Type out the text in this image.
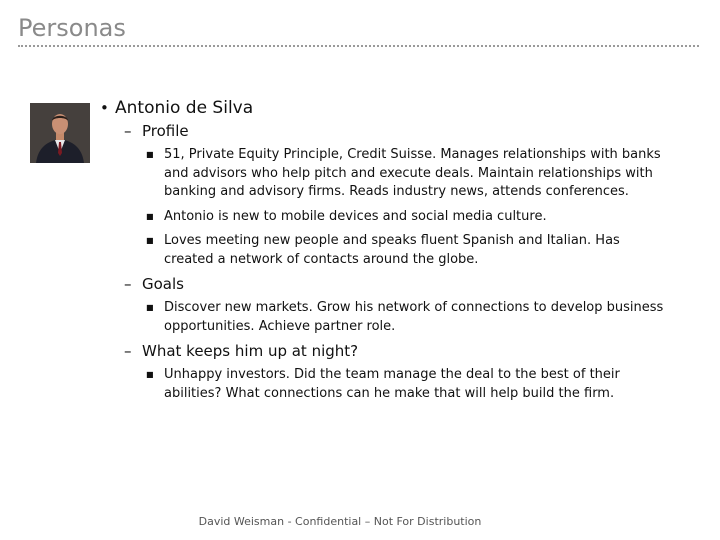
Personas
• Antonio de Silva
– Profile
■ 51, Private Equity Principle, Credit Suisse. Manages relationships with banks and advisors who help pitch and execute deals. Maintain relationships with banking and advisory firms. Reads industry news, attends conferences.
■ Antonio is new to mobile devices and social media culture.
■ Loves meeting new people and speaks fluent Spanish and Italian. Has created a network of contacts around the globe.
– Goals
■ Discover new markets. Grow his network of connections to develop business opportunities. Achieve partner role.
– What keeps him up at night?
■ Unhappy investors. Did the team manage the deal to the best of their abilities? What connections can he make that will help build the firm.
David Weisman - Confidential – Not For Distribution
